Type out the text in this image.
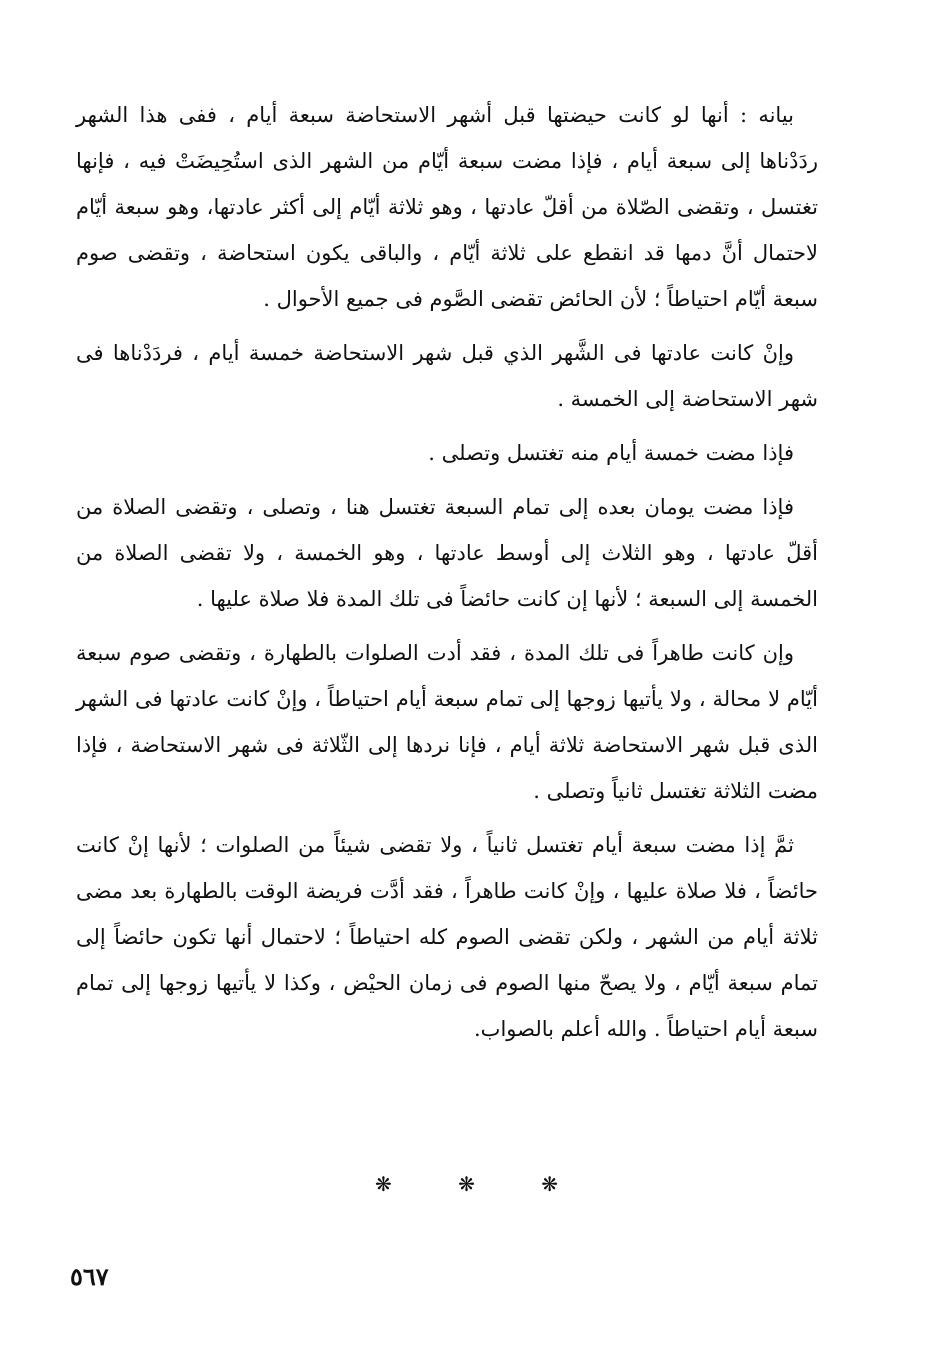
بيانه : أنها لو كانت حيضتها قبل أشهر الاستحاضة سبعة أيام ، ففى هذا الشهر ردَدْناها إلى سبعة أيام ، فإذا مضت سبعة أيّام من الشهر الذى استُحِيضَتْ فيه ، فإنها تغتسل ، وتقضى الصّلاة من أقلّ عادتها ، وهو ثلاثة أيّام إلى أكثر عادتها، وهو سبعة أيّام لاحتمال أنَّ دمها قد انقطع على ثلاثة أيّام ، والباقى يكون استحاضة ، وتقضى صوم سبعة أيّام احتياطاً ؛ لأن الحائض تقضى الصَّوم فى جميع الأحوال .

وإنْ كانت عادتها فى الشَّهر الذي قبل شهر الاستحاضة خمسة أيام ، فردَدْناها فى شهر الاستحاضة إلى الخمسة .

فإذا مضت خمسة أيام منه تغتسل وتصلى .

فإذا مضت يومان بعده إلى تمام السبعة تغتسل هنا ، وتصلى ، وتقضى الصلاة من أقلّ عادتها ، وهو الثلاث إلى أوسط عادتها ، وهو الخمسة ، ولا تقضى الصلاة من الخمسة إلى السبعة ؛ لأنها إن كانت حائضاً فى تلك المدة فلا صلاة عليها .

وإن كانت طاهراً فى تلك المدة ، فقد أدت الصلوات بالطهارة ، وتقضى صوم سبعة أيّام لا محالة ، ولا يأتيها زوجها إلى تمام سبعة أيام احتياطاً ، وإنْ كانت عادتها فى الشهر الذى قبل شهر الاستحاضة ثلاثة أيام ، فإنا نردها إلى الثّلاثة فى شهر الاستحاضة ، فإذا مضت الثلاثة تغتسل ثانياً وتصلى .

ثمَّ إذا مضت سبعة أيام تغتسل ثانياً ، ولا تقضى شيئاً من الصلوات ؛ لأنها إنْ كانت حائضاً ، فلا صلاة عليها ، وإنْ كانت طاهراً ، فقد أدَّت فريضة الوقت بالطهارة بعد مضى ثلاثة أيام من الشهر ، ولكن تقضى الصوم كله احتياطاً ؛ لاحتمال أنها تكون حائضاً إلى تمام سبعة أيّام ، ولا يصحّ منها الصوم فى زمان الحيْض ، وكذا لا يأتيها زوجها إلى تمام سبعة أيام احتياطاً . والله أعلم بالصواب.

❋	❋	❋
٥٦٧
